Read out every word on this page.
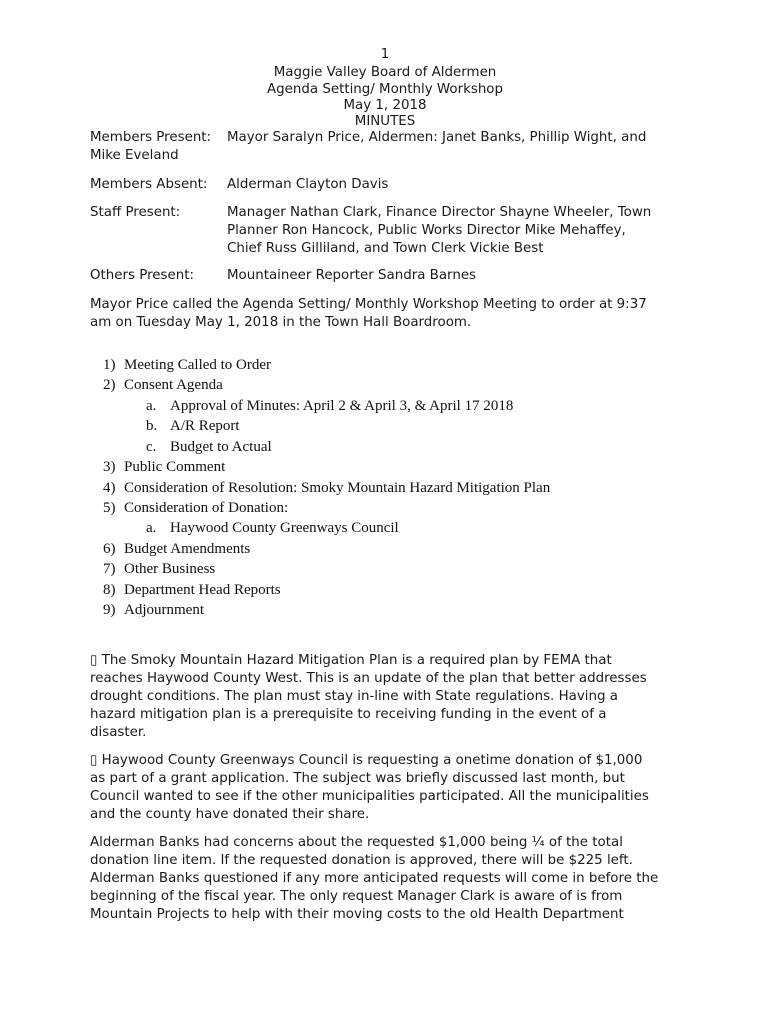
1
Maggie Valley Board of Aldermen
Agenda Setting/ Monthly Workshop
May 1, 2018
MINUTES
Members Present: Mayor Saralyn Price, Aldermen: Janet Banks, Phillip Wight, and
Mike Eveland
Members Absent: Alderman Clayton Davis
Staff Present:	Manager Nathan Clark, Finance Director Shayne Wheeler, Town
Planner Ron Hancock, Public Works Director Mike Mehaffey,
Chief Russ Gilliland, and Town Clerk Vickie Best
Others Present: Mountaineer Reporter Sandra Barnes
Mayor Price called the Agenda Setting/ Monthly Workshop Meeting to order at 9:37
am on Tuesday May 1, 2018 in the Town Hall Boardroom.
1) Meeting Called to Order
2) Consent Agenda
a. Approval of Minutes: April 2 & April 3, & April 17 2018
b. A/R Report
c. Budget to Actual
3) Public Comment
4) Consideration of Resolution: Smoky Mountain Hazard Mitigation Plan
5) Consideration of Donation:
a. Haywood County Greenways Council
6) Budget Amendments
7) Other Business
8) Department Head Reports
9) Adjournment
▯ The Smoky Mountain Hazard Mitigation Plan is a required plan by FEMA that
reaches Haywood County West. This is an update of the plan that better addresses
drought conditions. The plan must stay in-line with State regulations. Having a
hazard mitigation plan is a prerequisite to receiving funding in the event of a
disaster.
▯ Haywood County Greenways Council is requesting a onetime donation of $1,000
as part of a grant application. The subject was briefly discussed last month, but
Council wanted to see if the other municipalities participated. All the municipalities
and the county have donated their share.
Alderman Banks had concerns about the requested $1,000 being ¼ of the total
donation line item. If the requested donation is approved, there will be $225 left.
Alderman Banks questioned if any more anticipated requests will come in before the
beginning of the fiscal year. The only request Manager Clark is aware of is from
Mountain Projects to help with their moving costs to the old Health Department
